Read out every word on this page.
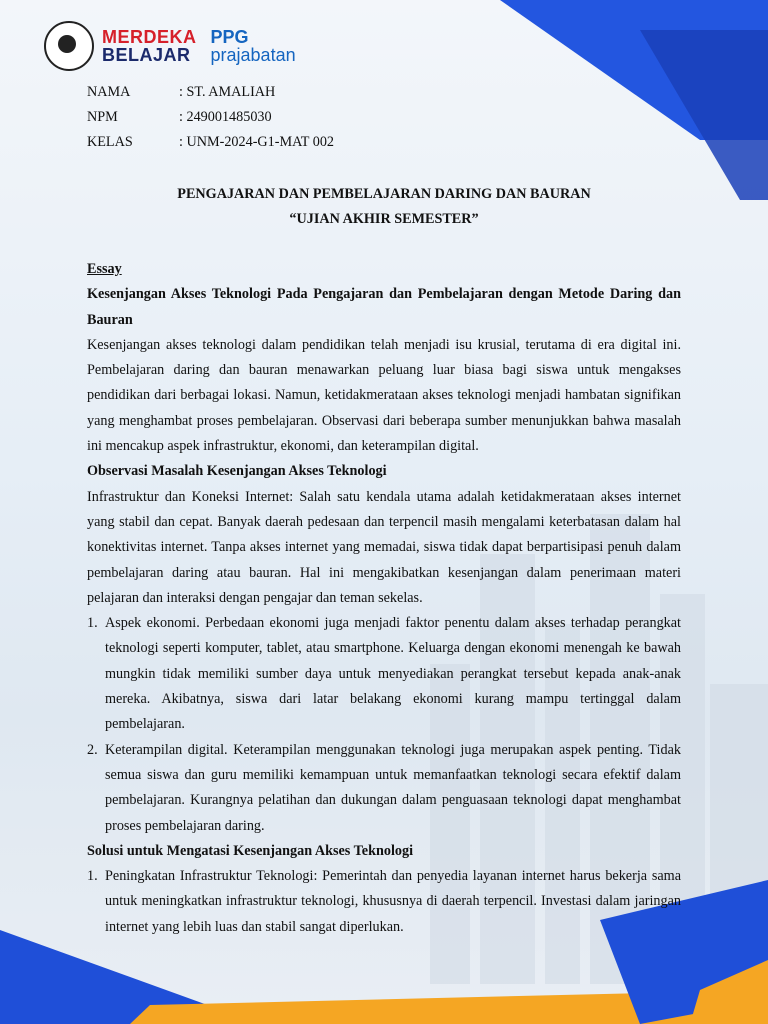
MERDEKA
BELAJAR
PPG
prajabatan
NAMA	: ST. AMALIAH
NPM	: 249001485030
KELAS	: UNM-2024-G1-MAT 002
PENGAJARAN DAN PEMBELAJARAN DARING DAN BAURAN
“UJIAN AKHIR SEMESTER”

Essay

Kesenjangan Akses Teknologi Pada Pengajaran dan Pembelajaran dengan Metode Daring dan Bauran

Kesenjangan akses teknologi dalam pendidikan telah menjadi isu krusial, terutama di era digital ini. Pembelajaran daring dan bauran menawarkan peluang luar biasa bagi siswa untuk mengakses pendidikan dari berbagai lokasi. Namun, ketidakmerataan akses teknologi menjadi hambatan signifikan yang menghambat proses pembelajaran. Observasi dari beberapa sumber menunjukkan bahwa masalah ini mencakup aspek infrastruktur, ekonomi, dan keterampilan digital.

Observasi Masalah Kesenjangan Akses Teknologi

Infrastruktur dan Koneksi Internet: Salah satu kendala utama adalah ketidakmerataan akses internet yang stabil dan cepat. Banyak daerah pedesaan dan terpencil masih mengalami keterbatasan dalam hal konektivitas internet. Tanpa akses internet yang memadai, siswa tidak dapat berpartisipasi penuh dalam pembelajaran daring atau bauran. Hal ini mengakibatkan kesenjangan dalam penerimaan materi pelajaran dan interaksi dengan pengajar dan teman sekelas.

1. Aspek ekonomi. Perbedaan ekonomi juga menjadi faktor penentu dalam akses terhadap perangkat teknologi seperti komputer, tablet, atau smartphone. Keluarga dengan ekonomi menengah ke bawah mungkin tidak memiliki sumber daya untuk menyediakan perangkat tersebut kepada anak-anak mereka. Akibatnya, siswa dari latar belakang ekonomi kurang mampu tertinggal dalam pembelajaran.
2. Keterampilan digital. Keterampilan menggunakan teknologi juga merupakan aspek penting. Tidak semua siswa dan guru memiliki kemampuan untuk memanfaatkan teknologi secara efektif dalam pembelajaran. Kurangnya pelatihan dan dukungan dalam penguasaan teknologi dapat menghambat proses pembelajaran daring.

Solusi untuk Mengatasi Kesenjangan Akses Teknologi

1. Peningkatan Infrastruktur Teknologi: Pemerintah dan penyedia layanan internet harus bekerja sama untuk meningkatkan infrastruktur teknologi, khususnya di daerah terpencil. Investasi dalam jaringan internet yang lebih luas dan stabil sangat diperlukan.
